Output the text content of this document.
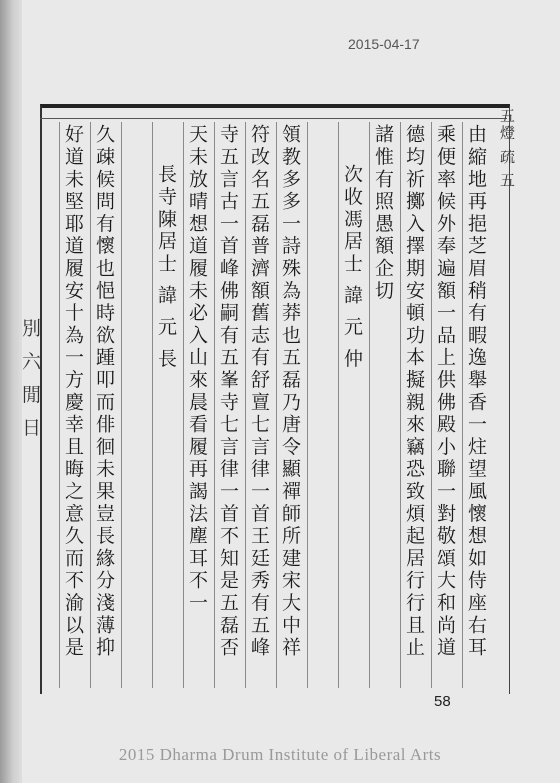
2015-04-17
別 六 閒 日
五燈 疏 五
由縮地再挹芝眉稍有暇逸舉香一炷望風懷想如侍座右耳
乘便率候外奉遍額一品上供佛殿小聯一對敬頌大和尚道
德均祈擲入擇期安頓功本擬親來竊恐致煩起居行行且止
諸惟有照愚額企切
次收馮居士 諱 元 仲
領教多多一詩殊為莽也五磊乃唐令顯禪師所建宋大中祥
符改名五磊普濟額舊志有舒亶七言律一首王廷秀有五峰
寺五言古一首峰佛嗣有五峯寺七言律一首不知是五磊否
天未放晴想道履未必入山來晨看履再謁法塵耳不一
長寺陳居士 諱 元 長
久疎候問有懷也悒時欲踵叩而俳徊未果豈長緣分淺薄抑
好道未堅耶道履安十為一方慶幸且晦之意久而不渝以是
58
2015 Dharma Drum Institute of Liberal Arts
